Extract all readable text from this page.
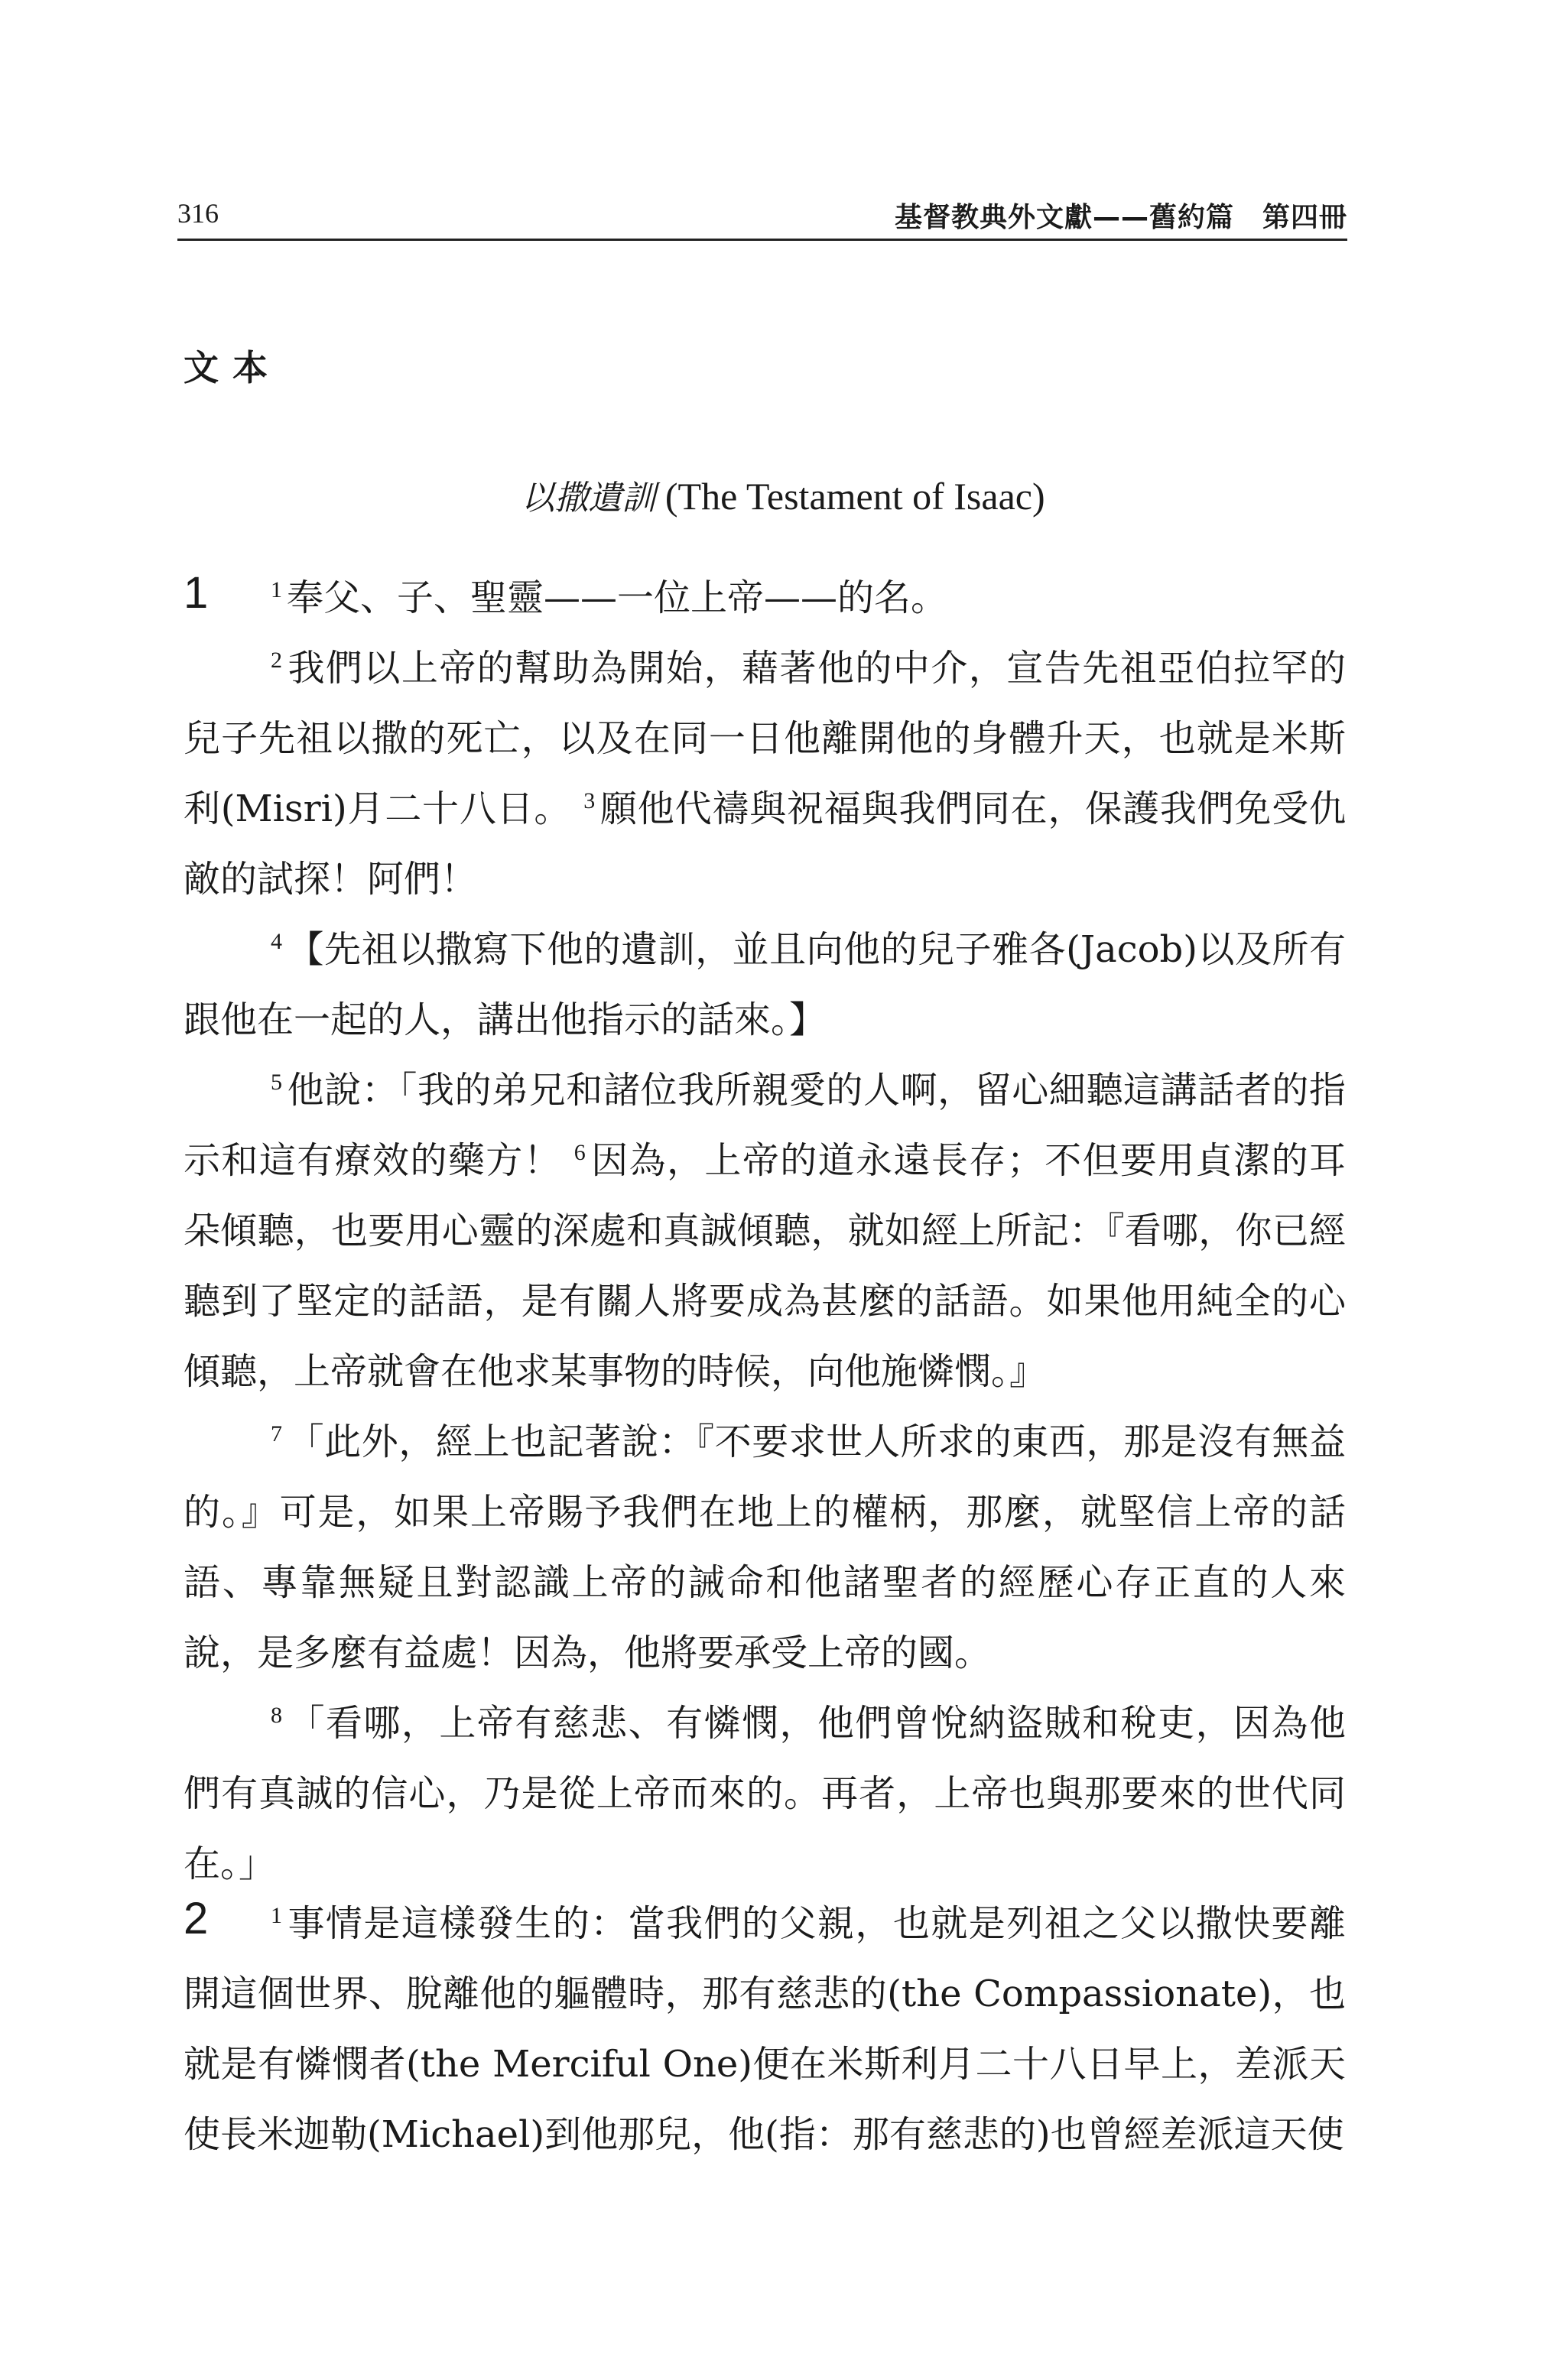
316	基督教典外文獻——舊約篇　第四冊
文本
以撒遺訓 (The Testament of Isaac)
1	$^1$ 奉父、子、聖靈——一位上帝——的名。

$^2$ 我們以上帝的幫助為開始，藉著他的中介，宣告先祖亞伯拉罕的兒子先祖以撒的死亡，以及在同一日他離開他的身體升天，也就是米斯利(Misri)月二十八日。 $^3$ 願他代禱與祝福與我們同在，保護我們免受仇敵的試探！阿們！

$^4$ 【先祖以撒寫下他的遺訓，並且向他的兒子雅各(Jacob)以及所有跟他在一起的人，講出他指示的話來。】

$^5$ 他說：「我的弟兄和諸位我所親愛的人啊，留心細聽這講話者的指示和這有療效的藥方！ $^6$ 因為，上帝的道永遠長存；不但要用貞潔的耳朵傾聽，也要用心靈的深處和真誠傾聽，就如經上所記：『看哪，你已經聽到了堅定的話語，是有關人將要成為甚麼的話語。如果他用純全的心傾聽，上帝就會在他求某事物的時候，向他施憐憫。』

$^7$ 「此外，經上也記著說：『不要求世人所求的東西，那是沒有無益的。』可是，如果上帝賜予我們在地上的權柄，那麼，就堅信上帝的話語、專靠無疑且對認識上帝的誡命和他諸聖者的經歷心存正直的人來說，是多麼有益處！因為，他將要承受上帝的國。

$^8$ 「看哪，上帝有慈悲、有憐憫，他們曾悅納盜賊和稅吏，因為他們有真誠的信心，乃是從上帝而來的。再者，上帝也與那要來的世代同在。」

2	$^1$ 事情是這樣發生的：當我們的父親，也就是列祖之父以撒快要離開這個世界、脫離他的軀體時，那有慈悲的(the Compassionate)，也就是有憐憫者(the Merciful One)便在米斯利月二十八日早上，差派天使長米迦勒(Michael)到他那兒，他(指：那有慈悲的)也曾經差派這天使
